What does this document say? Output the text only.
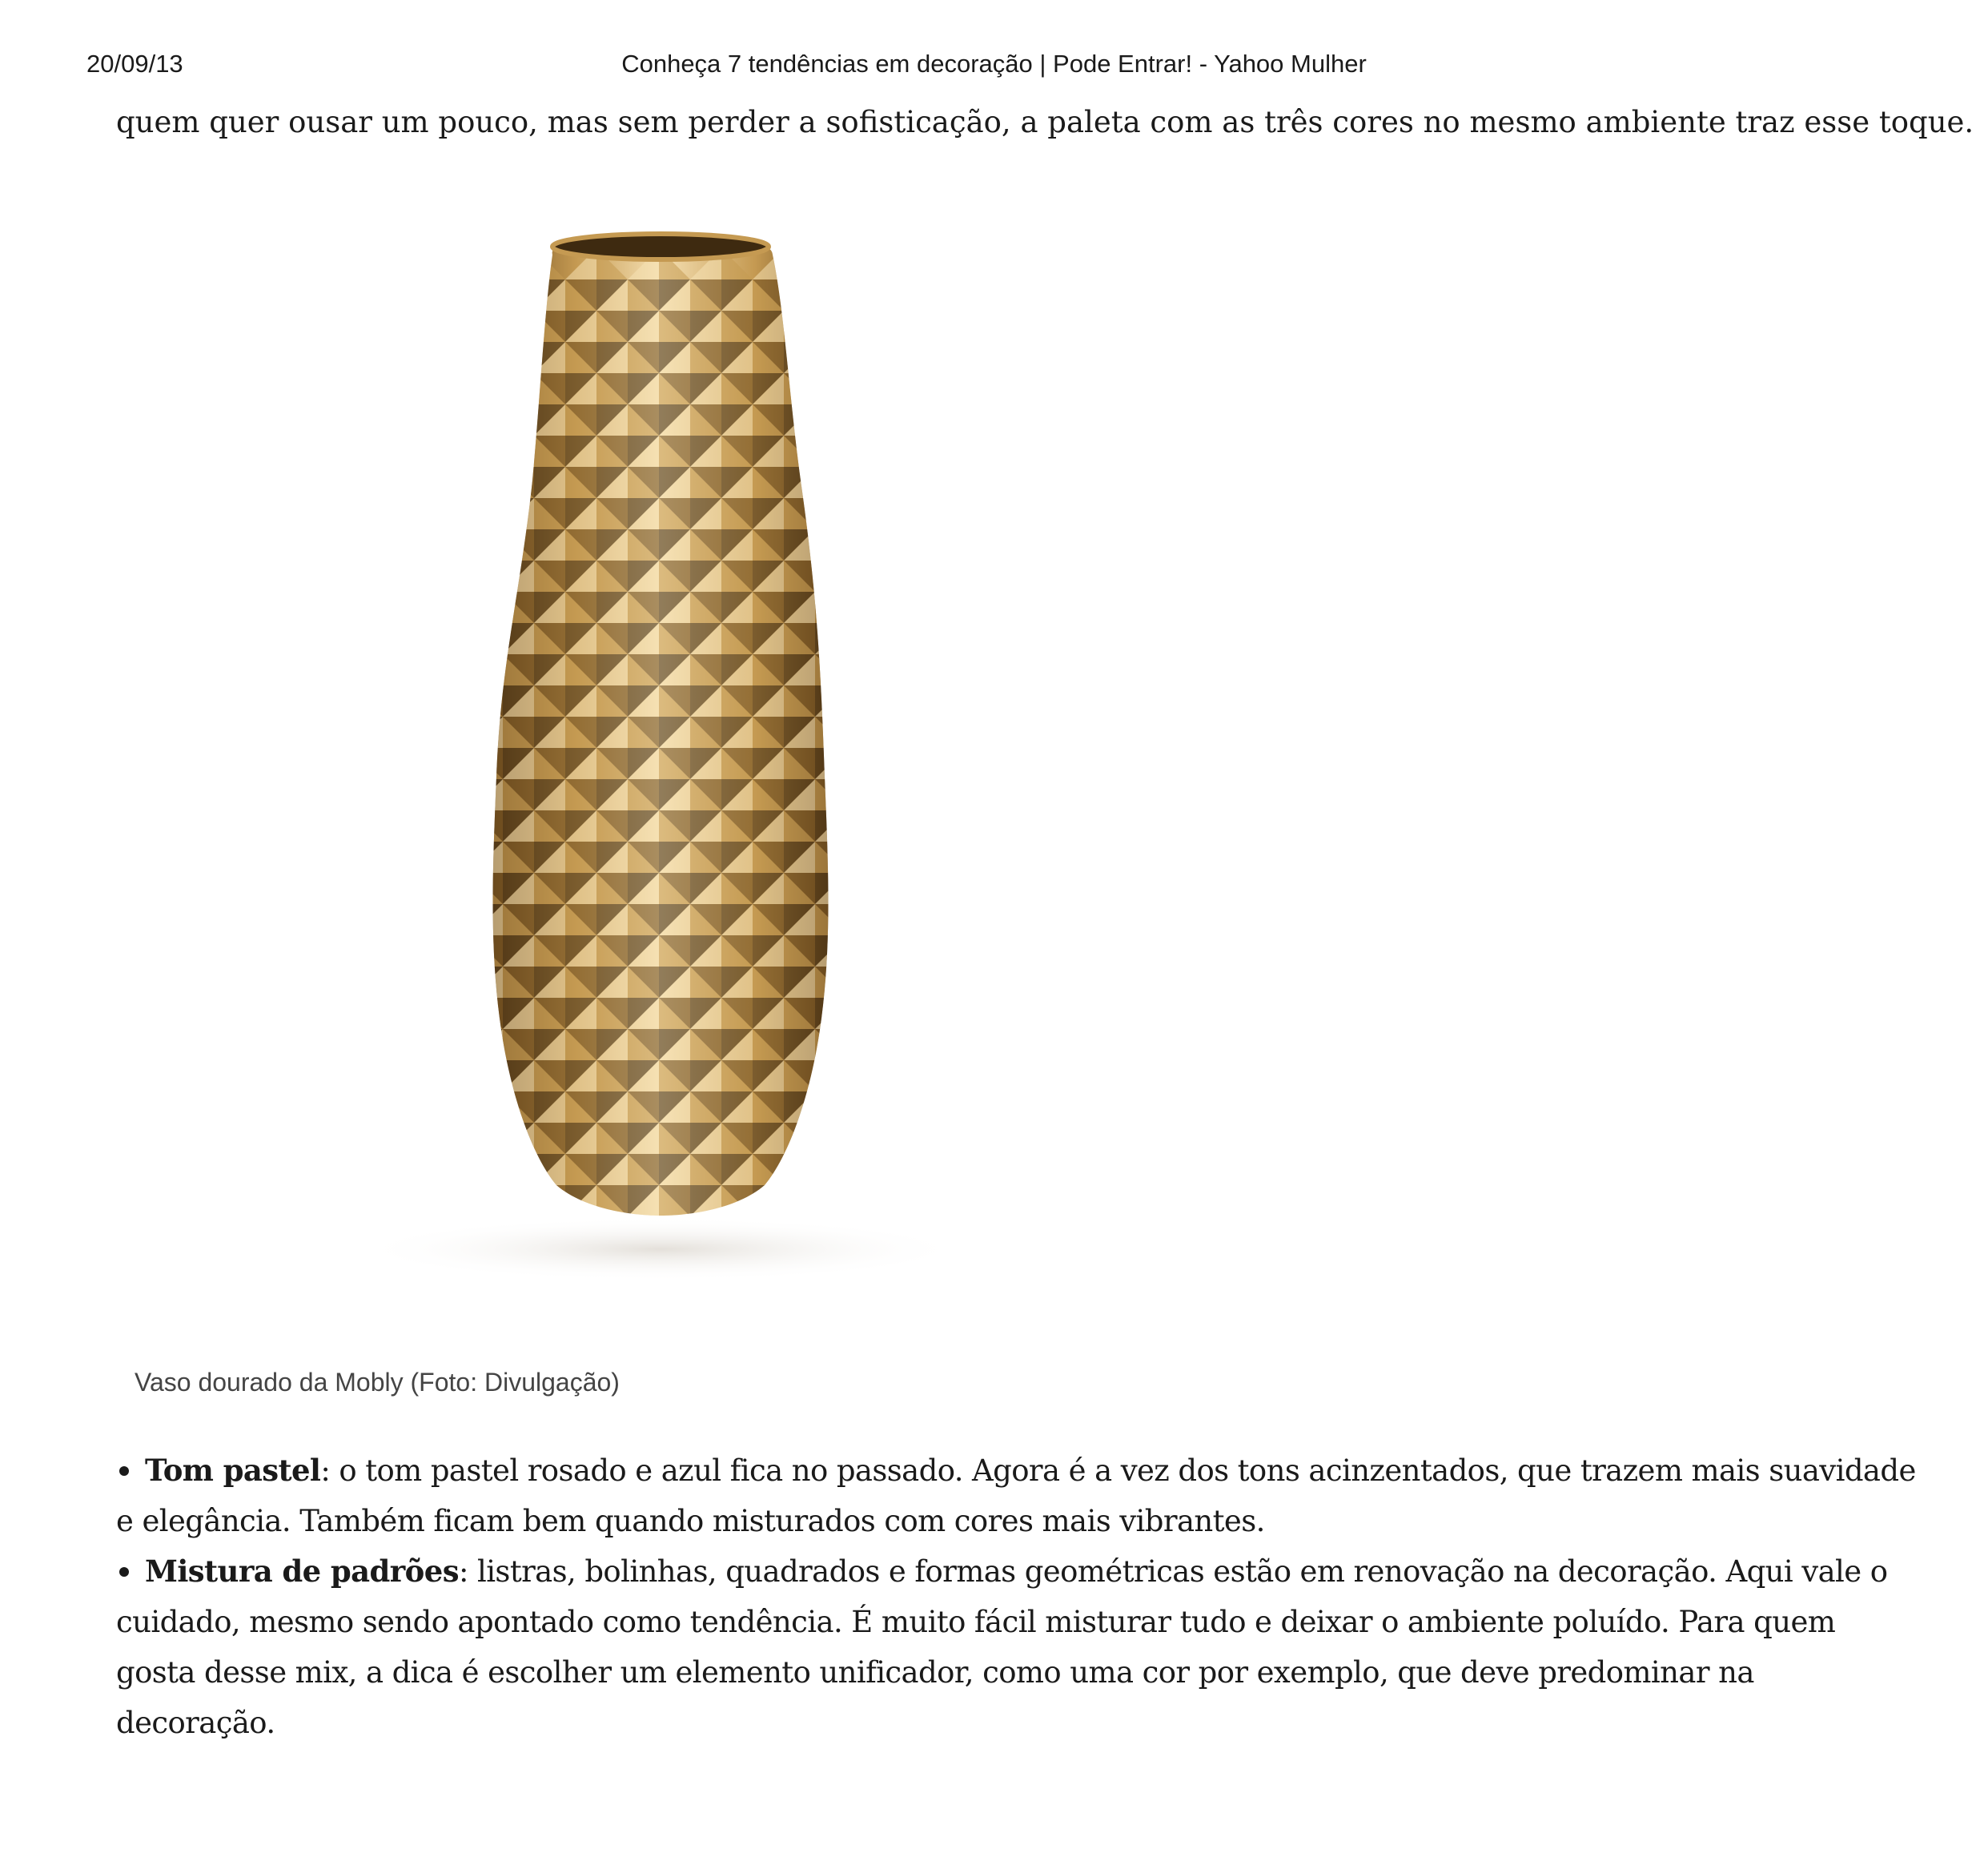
20/09/13	Conheça 7 tendências em decoração | Pode Entrar! - Yahoo Mulher
quem quer ousar um pouco, mas sem perder a sofisticação, a paleta com as três cores no mesmo ambiente traz esse toque.
Vaso dourado da Mobly (Foto: Divulgação)
Tom pastel: o tom pastel rosado e azul fica no passado. Agora é a vez dos tons acinzentados, que trazem mais suavidade e elegância. Também ficam bem quando misturados com cores mais vibrantes.
Mistura de padrões: listras, bolinhas, quadrados e formas geométricas estão em renovação na decoração. Aqui vale o cuidado, mesmo sendo apontado como tendência. É muito fácil misturar tudo e deixar o ambiente poluído. Para quem gosta desse mix, a dica é escolher um elemento unificador, como uma cor por exemplo, que deve predominar na decoração.
